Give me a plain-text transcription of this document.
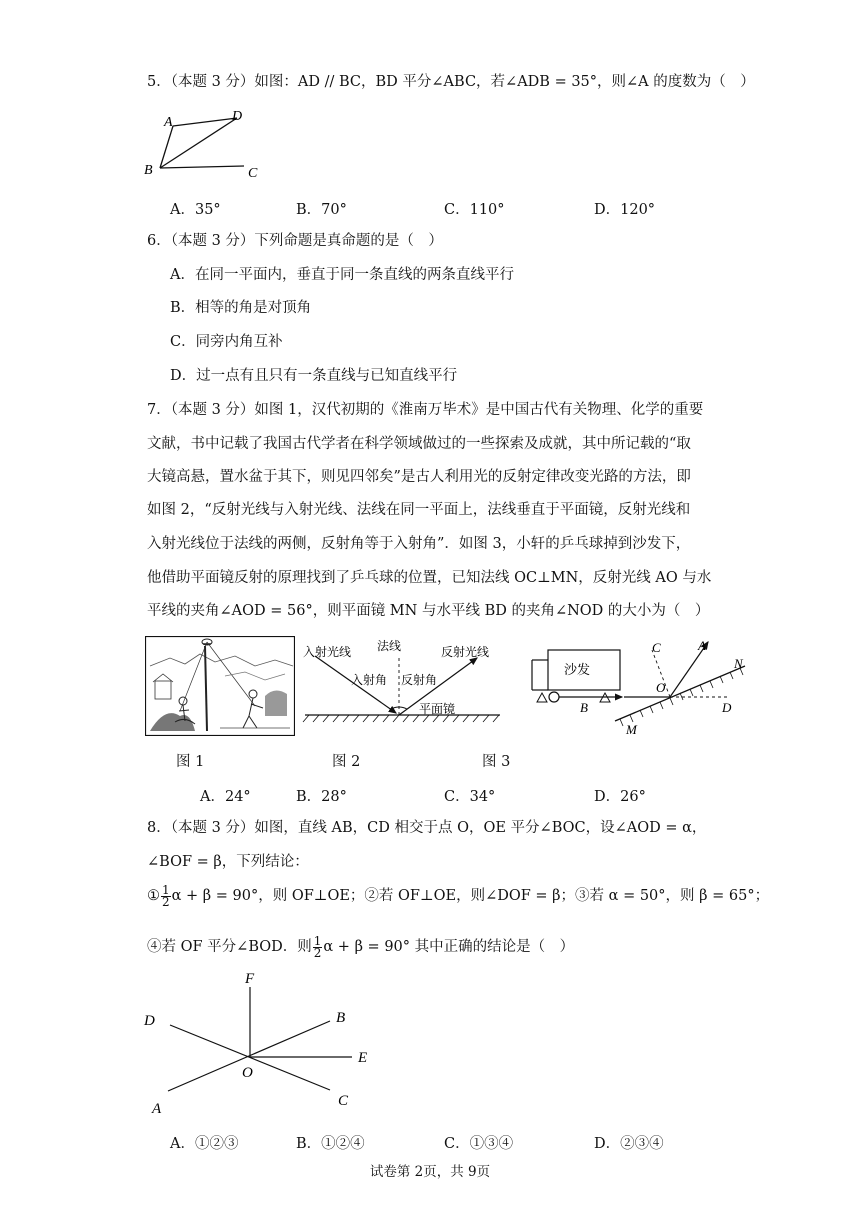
5．（本题 3 分）如图：AD // BC，BD 平分∠ABC，若∠ADB = 35°，则∠A 的度数为（　）
A	D
B	C
A．35°	B．70°	C．110°	D．120°
6．（本题 3 分）下列命题是真命题的是（　）
A．在同一平面内，垂直于同一条直线的两条直线平行
B．相等的角是对顶角
C．同旁内角互补
D．过一点有且只有一条直线与已知直线平行
7．（本题 3 分）如图 1，汉代初期的《淮南万毕术》是中国古代有关物理、化学的重要
文献，书中记载了我国古代学者在科学领域做过的一些探索及成就，其中所记载的“取
大镜高悬，置水盆于其下，则见四邻矣”是古人利用光的反射定律改变光路的方法，即
如图 2，“反射光线与入射光线、法线在同一平面上，法线垂直于平面镜，反射光线和
入射光线位于法线的两侧，反射角等于入射角”．如图 3，小轩的乒乓球掉到沙发下，
他借助平面镜反射的原理找到了乒乓球的位置，已知法线 OC⊥MN，反射光线 AO 与水
平线的夹角∠AOD = 56°，则平面镜 MN 与水平线 BD 的夹角∠NOD 的大小为（　）
入射光线 法线	反射光线
入射角 反射角
平面镜
沙发
C	A
N
O
B	D
M
图 1	图 2	图 3
A．24°	B．28°	C．34°	D．26°
8．（本题 3 分）如图，直线 AB，CD 相交于点 O，OE 平分∠BOC，设∠AOD = α，
∠BOF = β，下列结论：
① $\frac{1}{2}$ α + β = 90°，则 OF⊥OE；②若 OF⊥OE，则∠DOF = β；③若 α = 50°，则 β = 65°；
④若 OF 平分∠BOD．则 $\frac{1}{2}$ α + β = 90° 其中正确的结论是（　）
F
D	B
E
O
A	C
A．①②③	B．①②④	C．①③④	D．②③④
试卷第 2页，共 9页
